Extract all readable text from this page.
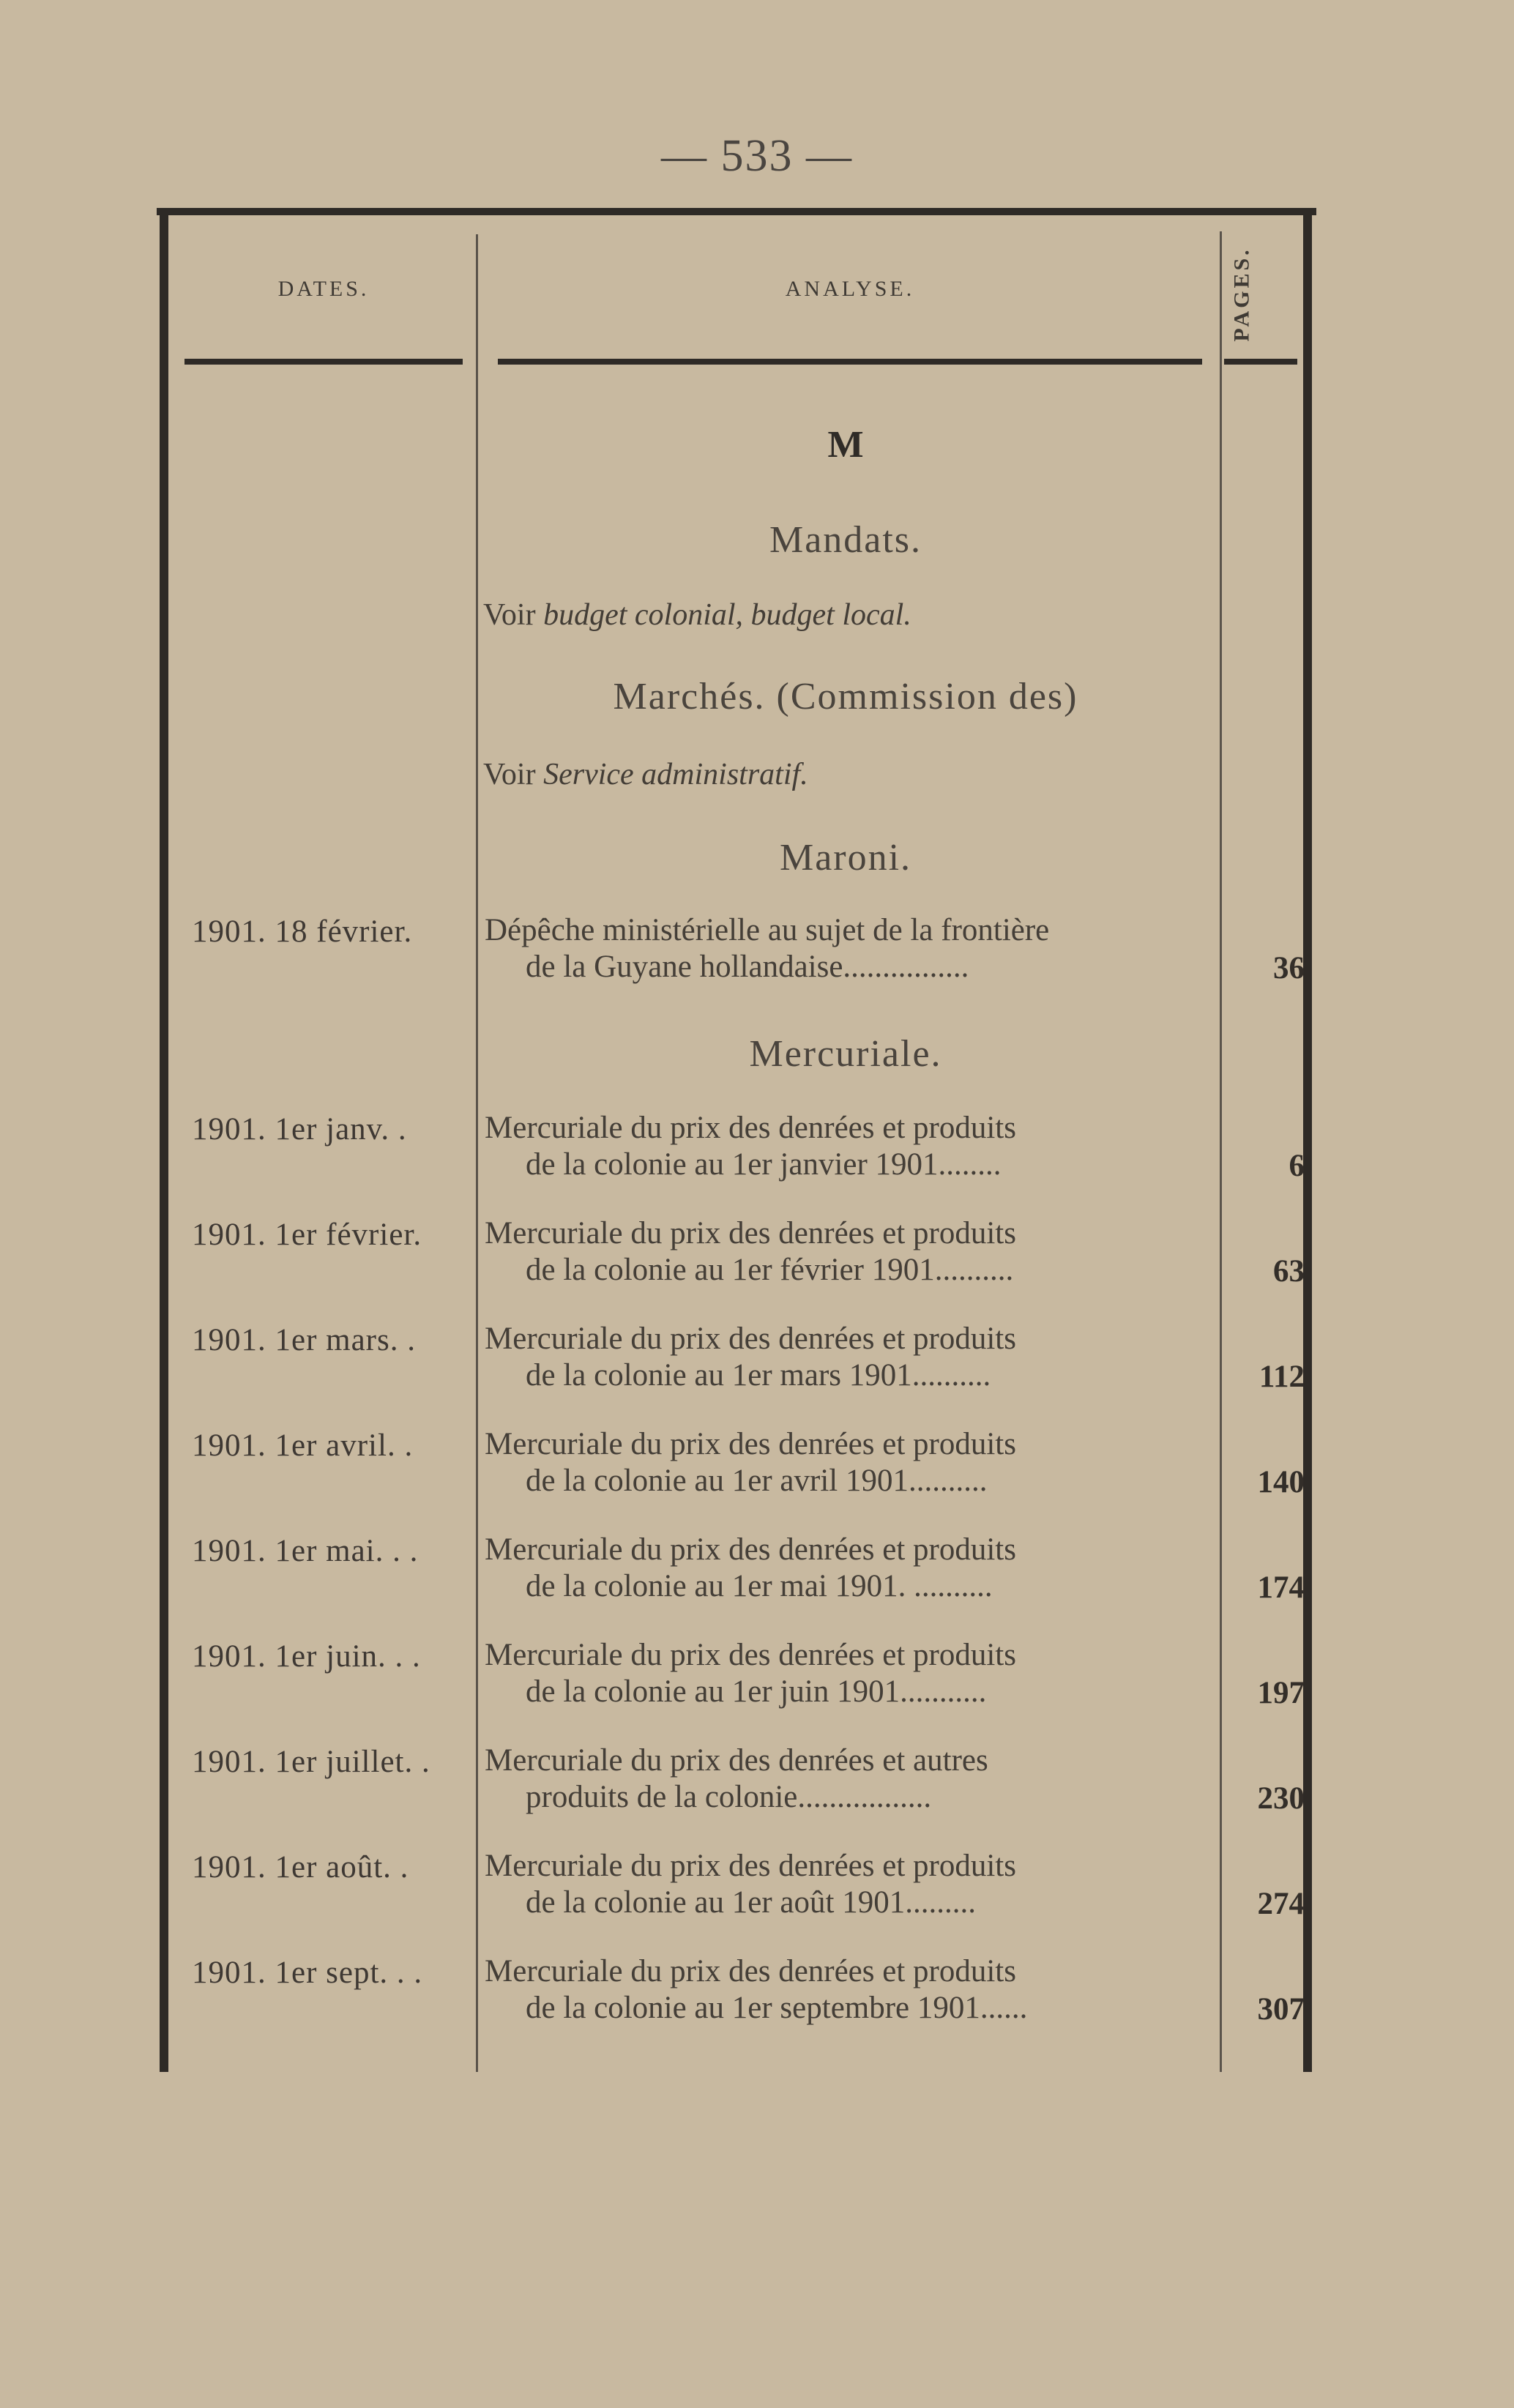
— 533 —
DATES.	ANALYSE.	PAGES.
M
Mandats.
Voir budget colonial, budget local.
Marchés. (Commission des)
Voir Service administratif.
Maroni.
1901. 18 février.	Dépêche ministérielle au sujet de la frontière
de la Guyane hollandaise................	36
Mercuriale.
1901. 1er janv. .	Mercuriale du prix des denrées et produits
de la colonie au 1er janvier 1901........	6
1901. 1er février.	Mercuriale du prix des denrées et produits
de la colonie au 1er février 1901..........	63
1901. 1er mars. .	Mercuriale du prix des denrées et produits
de la colonie au 1er mars 1901..........	112
1901. 1er avril. .	Mercuriale du prix des denrées et produits
de la colonie au 1er avril 1901..........	140
1901. 1er mai. . .	Mercuriale du prix des denrées et produits
de la colonie au 1er mai 1901. ..........	174
1901. 1er juin. . .	Mercuriale du prix des denrées et produits
de la colonie au 1er juin 1901...........	197
1901. 1er juillet. .	Mercuriale du prix des denrées et autres
produits de la colonie.................	230
1901. 1er août. .	Mercuriale du prix des denrées et produits
de la colonie au 1er août 1901.........	274
1901. 1er sept. . .	Mercuriale du prix des denrées et produits
de la colonie au 1er septembre 1901......	307
